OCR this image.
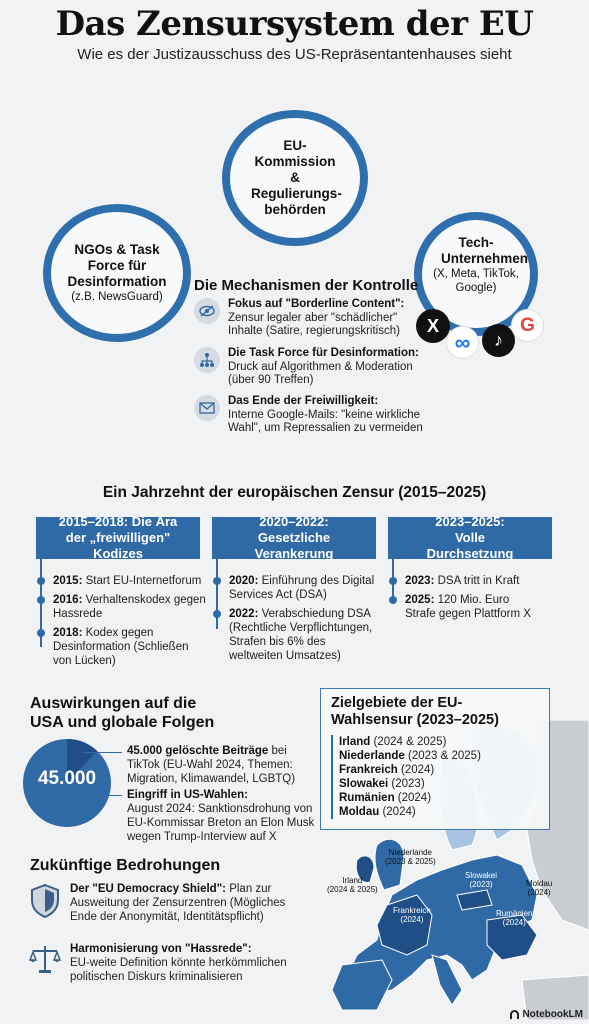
Das Zensursystem der EU
Wie es der Justizausschuss des US-Repräsentantenhauses sieht
EU-Kommission & Regulierungs-behörden
NGOs & Task Force für Desinformation
(z.B. NewsGuard)
Tech-Unternehmen
(X, Meta, TikTok, Google)
X
∞	♪
G
Die Mechanismen der Kontrolle
Fokus auf "Borderline Content":
Zensur legaler aber "schädlicher" Inhalte (Satire, regierungskritisch)
Die Task Force für Desinformation:
Druck auf Algorithmen & Moderation (über 90 Treffen)
Das Ende der Freiwilligkeit:
Interne Google-Mails: "keine wirkliche Wahl", um Repressalien zu vermeiden
Ein Jahrzehnt der europäischen Zensur (2015–2025)
2015–2018: Die Ära der „freiwilligen" Kodizes
2020–2022: Gesetzliche Verankerung
2023–2025: Volle Durchsetzung
2015: Start EU-Internetforum
2016: Verhaltenskodex gegen Hassrede
2018: Kodex gegen Desinformation (Schließen von Lücken)
2020: Einführung des Digital Services Act (DSA)
2022: Verabschiedung DSA (Rechtliche Verpflichtungen, Strafen bis 6% des weltweiten Umsatzes)
2023: DSA tritt in Kraft
2025: 120 Mio. Euro Strafe gegen Plattform X
Niederlande
(2023 & 2025)
Irland
(2024 & 2025)
Slowakei
(2023)	Moldau
(2024)
Frankreich
(2024)
Rumänien
(2024)
Zielgebiete der EU-Wahlsensur (2023–2025)
Irland (2024 & 2025)
Niederlande (2023 & 2025)
Frankreich (2024)
Slowakei (2023)
Rumänien (2024)
Moldau (2024)
Auswirkungen auf die USA und globale Folgen
45.000
45.000 gelöschte Beiträge bei TikTok (EU-Wahl 2024, Themen: Migration, Klimawandel, LGBTQ)
Eingriff in US-Wahlen:
August 2024: Sanktionsdrohung von EU-Kommissar Breton an Elon Musk wegen Trump-Interview auf X
Zukünftige Bedrohungen
Der "EU Democracy Shield": Plan zur Ausweitung der Zensurzentren (Mögliches Ende der Anonymität, Identitätspflicht)
Harmonisierung von "Hassrede":
EU-weite Definition könnte herkömmlichen politischen Diskurs kriminalisieren
NotebookLM
